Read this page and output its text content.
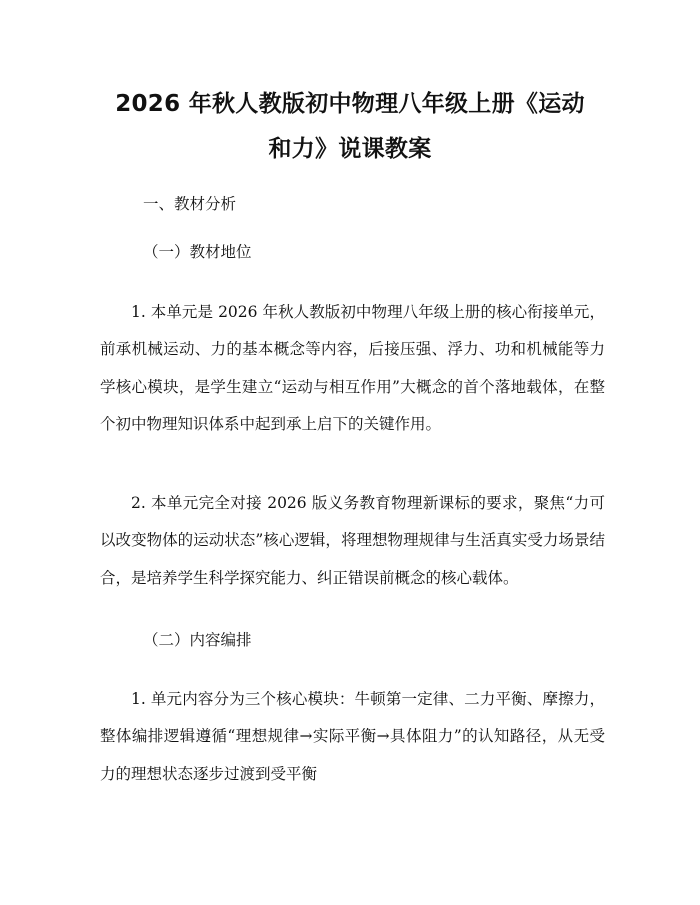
2026 年秋人教版初中物理八年级上册《运动
和力》说课教案
一、教材分析
（一）教材地位

1. 本单元是 2026 年秋人教版初中物理八年级上册的核心衔接单元，前承机械运动、力的基本概念等内容，后接压强、浮力、功和机械能等力学核心模块，是学生建立“运动与相互作用”大概念的首个落地载体，在整个初中物理知识体系中起到承上启下的关键作用。

2. 本单元完全对接 2026 版义务教育物理新课标的要求，聚焦“力可以改变物体的运动状态”核心逻辑，将理想物理规律与生活真实受力场景结合，是培养学生科学探究能力、纠正错误前概念的核心载体。

（二）内容编排

1. 单元内容分为三个核心模块：牛顿第一定律、二力平衡、摩擦力，整体编排逻辑遵循“理想规律→实际平衡→具体阻力”的认知路径，从无受力的理想状态逐步过渡到受平衡
